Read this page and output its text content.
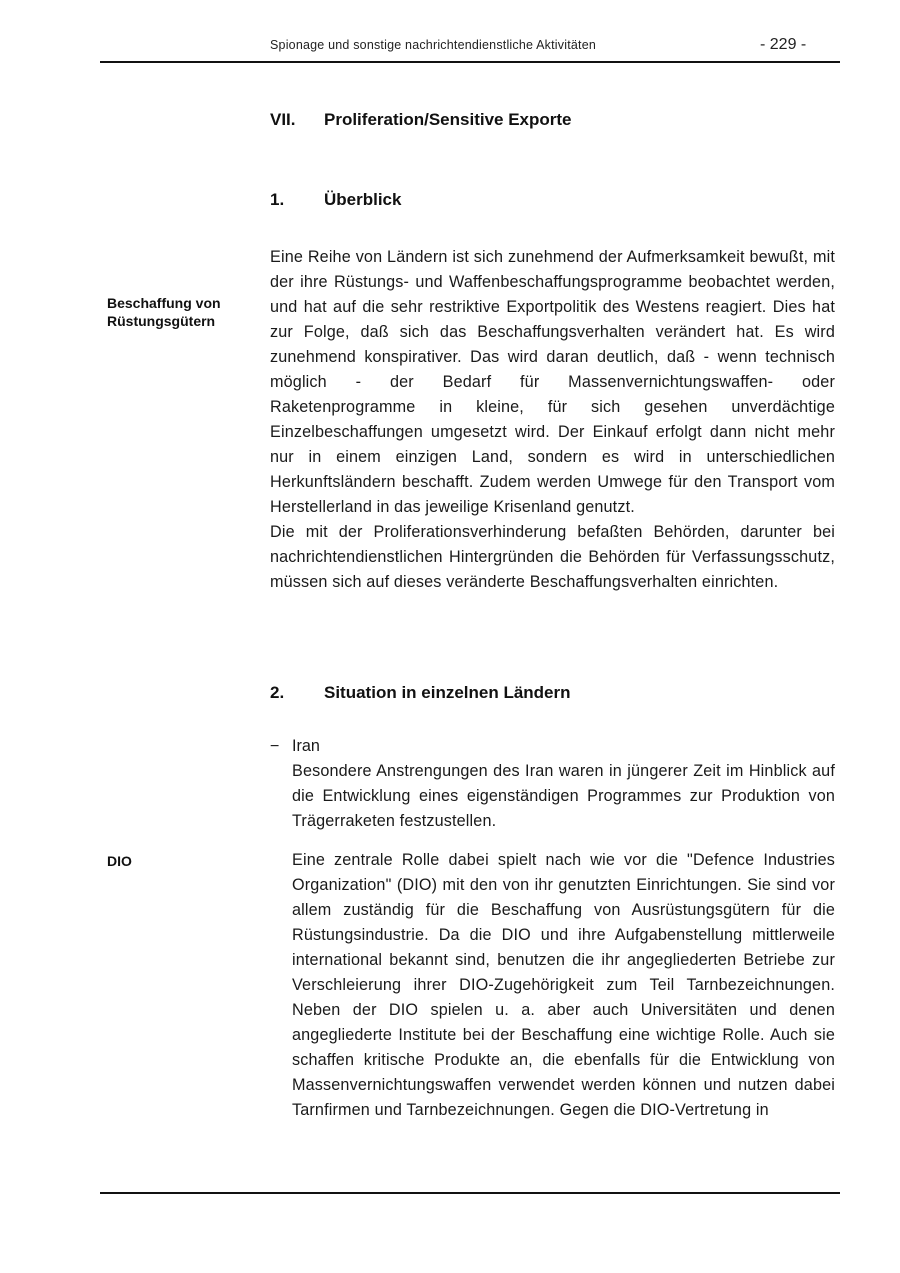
Spionage und sonstige nachrichtendienstliche Aktivitäten	- 229 -
VII. Proliferation/Sensitive Exporte
1. Überblick
Beschaffung von Rüstungsgütern

Eine Reihe von Ländern ist sich zunehmend der Aufmerksamkeit bewußt, mit der ihre Rüstungs- und Waffenbeschaffungsprogramme beobachtet werden, und hat auf die sehr restriktive Exportpolitik des Westens reagiert. Dies hat zur Folge, daß sich das Beschaffungsverhalten verändert hat. Es wird zunehmend konspirativer. Das wird daran deutlich, daß - wenn technisch möglich - der Bedarf für Massenvernichtungswaffen- oder Raketenprogramme in kleine, für sich gesehen unverdächtige Einzelbeschaffungen umgesetzt wird. Der Einkauf erfolgt dann nicht mehr nur in einem einzigen Land, sondern es wird in unterschiedlichen Herkunftsländern beschafft. Zudem werden Umwege für den Transport vom Herstellerland in das jeweilige Krisenland genutzt.

Die mit der Proliferationsverhinderung befaßten Behörden, darunter bei nachrichtendienstlichen Hintergründen die Behörden für Verfassungsschutz, müssen sich auf dieses veränderte Beschaffungsverhalten einrichten.

2. Situation in einzelnen Ländern
− Iran

Besondere Anstrengungen des Iran waren in jüngerer Zeit im Hinblick auf die Entwicklung eines eigenständigen Programmes zur Produktion von Trägerraketen festzustellen.

DIO	Eine zentrale Rolle dabei spielt nach wie vor die "Defence Industries Organization" (DIO) mit den von ihr genutzten Einrichtungen. Sie sind vor allem zuständig für die Beschaffung von Ausrüstungsgütern für die Rüstungsindustrie. Da die DIO und ihre Aufgabenstellung mittlerweile international bekannt sind, benutzen die ihr angegliederten Betriebe zur Verschleierung ihrer DIO-Zugehörigkeit zum Teil Tarnbezeichnungen. Neben der DIO spielen u. a. aber auch Universitäten und denen angegliederte Institute bei der Beschaffung eine wichtige Rolle. Auch sie schaffen kritische Produkte an, die ebenfalls für die Entwicklung von Massenvernichtungswaffen verwendet werden können und nutzen dabei Tarnfirmen und Tarnbezeichnungen. Gegen die DIO-Vertretung in
